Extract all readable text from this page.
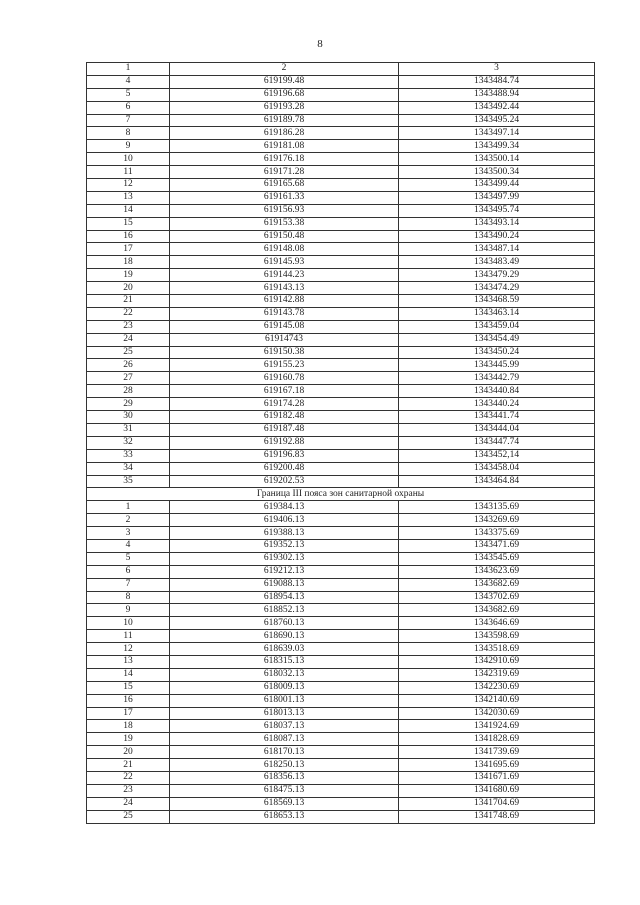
8
1	2	3
4	619199.48	1343484.74
5	619196.68	1343488.94
6	619193.28	1343492.44
7	619189.78	1343495.24
8	619186.28	1343497.14
9	619181.08	1343499.34
10	619176.18	1343500.14
11	619171.28	1343500.34
12	619165.68	1343499.44
13	619161.33	1343497.99
14	619156.93	1343495.74
15	619153.38	1343493.14
16	619150.48	1343490.24
17	619148.08	1343487.14
18	619145.93	1343483.49
19	619144.23	1343479.29
20	619143.13	1343474.29
21	619142.88	1343468.59
22	619143.78	1343463.14
23	619145.08	1343459.04
24	61914743	1343454.49
25	619150.38	1343450.24
26	619155.23	1343445.99
27	619160.78	1343442.79
28	619167.18	1343440.84
29	619174.28	1343440.24
30	619182.48	1343441.74
31	619187.48	1343444.04
32	619192.88	1343447.74
33	619196.83	1343452,14
34	619200.48	1343458.04
35	619202.53	1343464.84
Граница III пояса зон санитарной охраны		
1	619384.13	1343135.69
2	619406.13	1343269.69
3	619388.13	1343375.69
4	619352.13	1343471.69
5	619302.13	1343545.69
6	619212.13	1343623.69
7	619088.13	1343682.69
8	618954.13	1343702.69
9	618852.13	1343682.69
10	618760.13	1343646.69
11	618690.13	1343598.69
12	618639.03	1343518.69
13	618315.13	1342910.69
14	618032.13	1342319.69
15	618009.13	1342230.69
16	618001.13	1342140.69
17	618013.13	1342030.69
18	618037.13	1341924.69
19	618087.13	1341828.69
20	618170.13	1341739.69
21	618250.13	1341695.69
22	618356.13	1341671.69
23	618475.13	1341680.69
24	618569.13	1341704.69
25	618653.13	1341748.69
